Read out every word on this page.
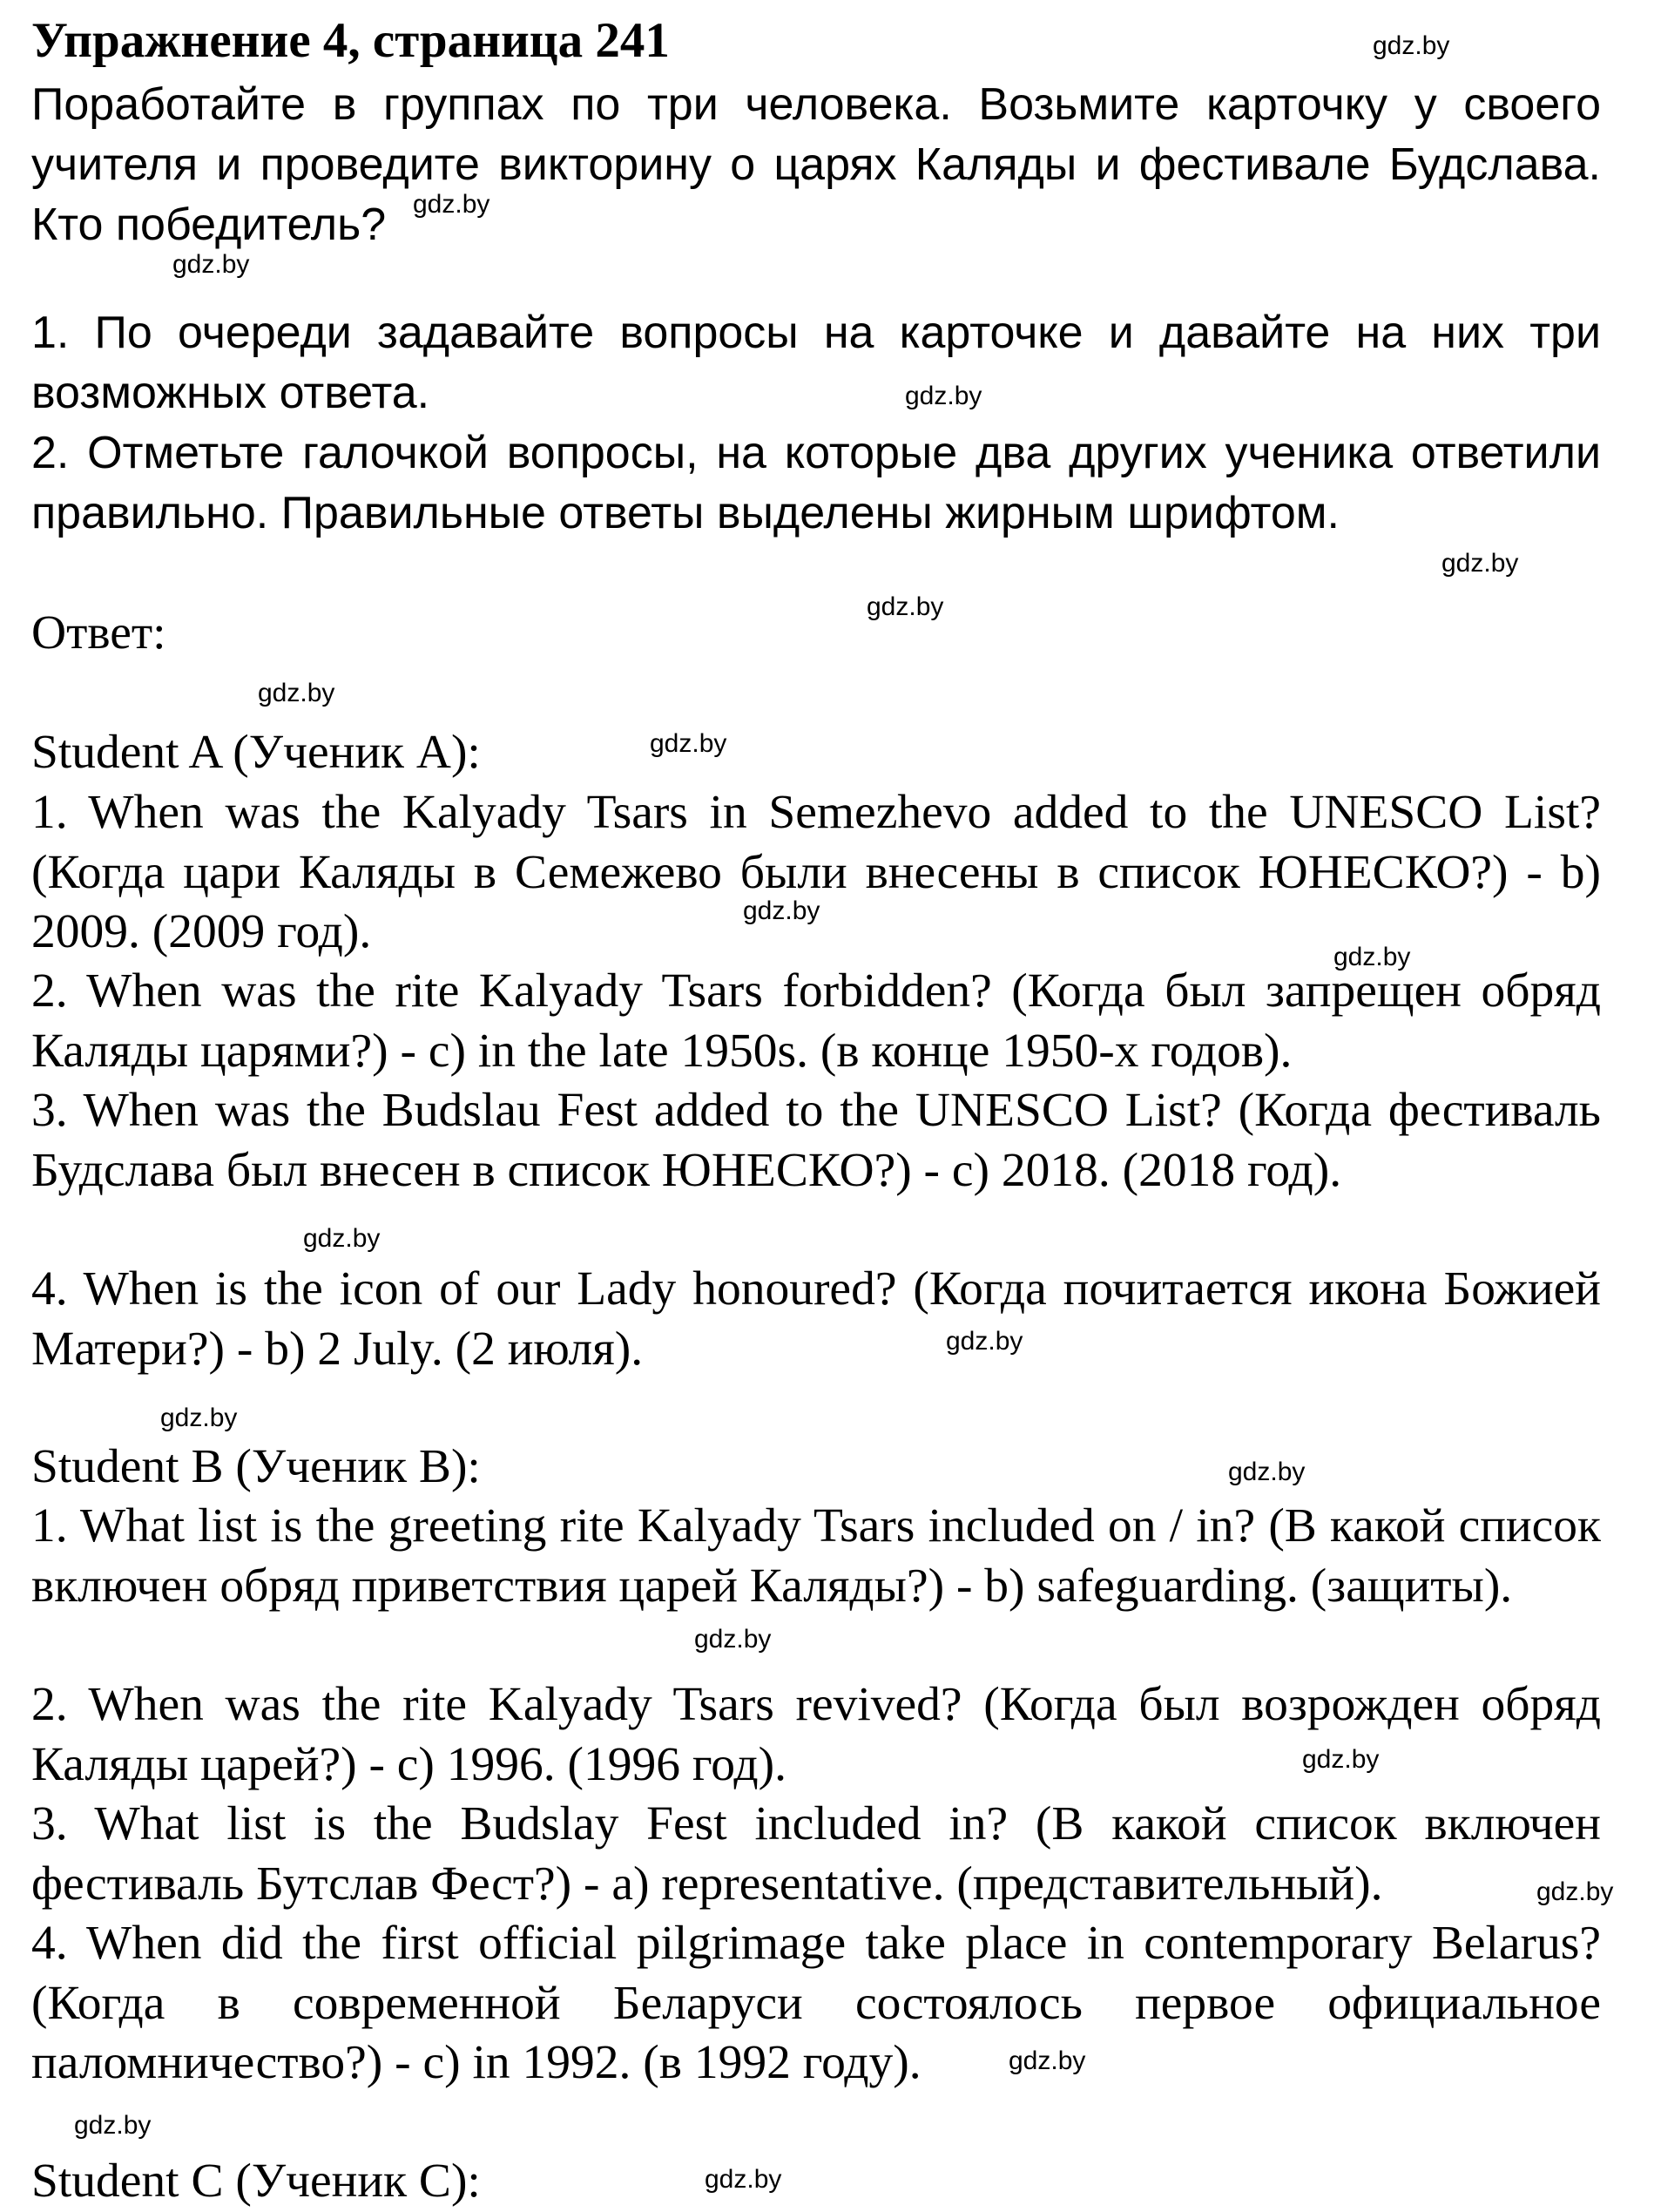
Упражнение 4, страница 241
Поработайте в группах по три человека. Возьмите карточку у своего учителя и проведите викторину о царях Каляды и фестивале Будслава. Кто победитель?
1. По очереди задавайте вопросы на карточке и давайте на них три возможных ответа.
2. Отметьте галочкой вопросы, на которые два других ученика ответили правильно. Правильные ответы выделены жирным шрифтом.
Ответ:
Student A (Ученик А):
1. When was the Kalyady Tsars in Semezhevo added to the UNESCO List? (Когда цари Каляды в Семежево были внесены в список ЮНЕСКО?) - b) 2009. (2009 год).
2. When was the rite Kalyady Tsars forbidden? (Когда был запрещен обряд Каляды царями?) - c) in the late 1950s. (в конце 1950-х годов).
3. When was the Budslau Fest added to the UNESCO List? (Когда фестиваль Будслава был внесен в список ЮНЕСКО?) - c) 2018. (2018 год).
4. When is the icon of our Lady honoured? (Когда почитается икона Божией Матери?) - b) 2 July. (2 июля).
Student B (Ученик B):
1. What list is the greeting rite Kalyady Tsars included on / in? (В какой список включен обряд приветствия царей Каляды?) - b) safeguarding. (защиты).
2. When was the rite Kalyady Tsars revived? (Когда был возрожден обряд Каляды царей?) - c) 1996. (1996 год).
3. What list is the Budslay Fest included in? (В какой список включен фестиваль Бутслав Фест?) - a) representative. (представительный).
4. When did the first official pilgrimage take place in contemporary Belarus? (Когда в современной Беларуси состоялось первое официальное паломничество?) - c) in 1992. (в 1992 году).
Student C (Ученик C):
gdz.by
gdz.by
gdz.by
gdz.by
gdz.by
gdz.by
gdz.by
gdz.by
gdz.by
gdz.by
gdz.by
gdz.by
gdz.by
gdz.by
gdz.by
gdz.by
gdz.by
gdz.by
gdz.by
gdz.by
